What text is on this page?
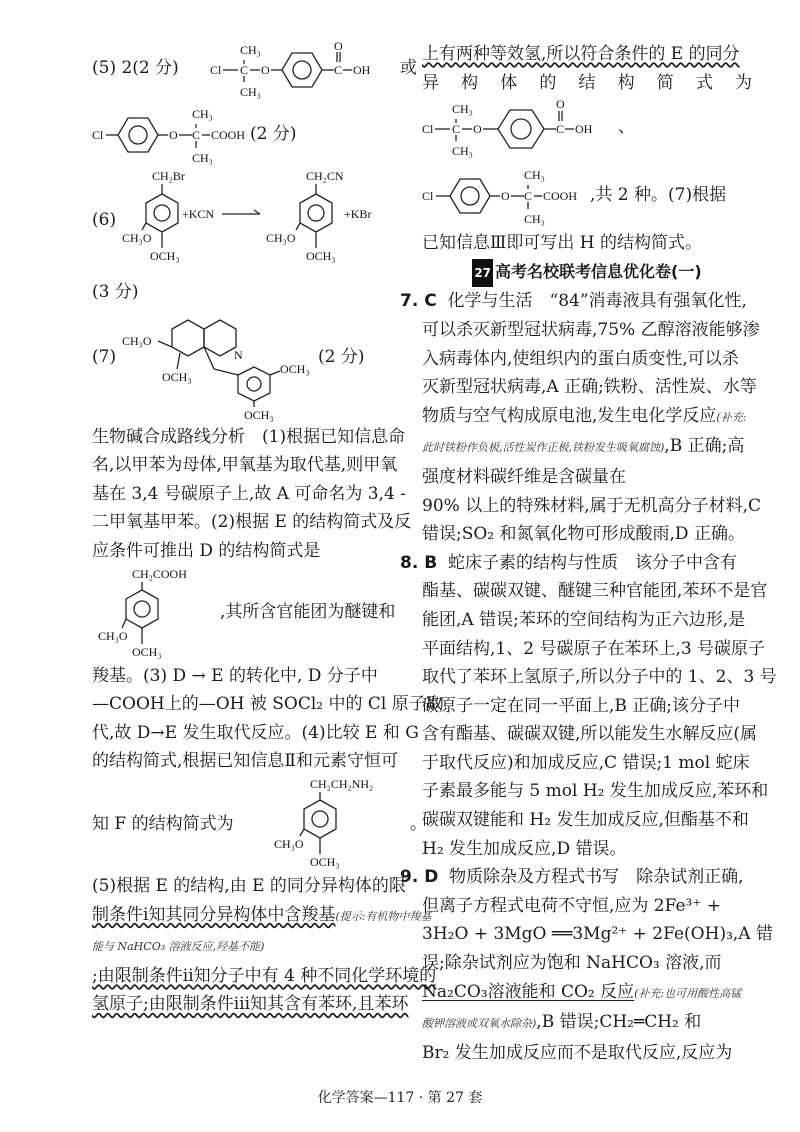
(5) 2(2 分)	Cl C
CH₃
CH₃
O	C
O
OH 或
Cl	O C
CH₃
CH₃
COOH (2 分)
(6)
CH₂Br
CH₃O
OCH₃
+KCN
CH₂CN
CH₃O
OCH₃
+KBr
(3 分)
(7)	N
CH₃O
OCH₃
OCH₃
OCH₃
(2 分)
生物碱合成路线分析　(1)根据已知信息命
名,以甲苯为母体,甲氧基为取代基,则甲氧
基在 3,4 号碳原子上,故 A 可命名为 3,4 -
二甲氧基甲苯。(2)根据 E 的结构简式及反
应条件可推出 D 的结构简式是
CH₂COOH
CH₃O
OCH₃
,其所含官能团为醚键和
羧基。(3) D → E 的转化中, D 分子中
—COOH上的—OH 被 SOCl₂ 中的 Cl 原子取
代,故 D→E 发生取代反应。(4)比较 E 和 G
的结构简式,根据已知信息Ⅱ和元素守恒可
知 F 的结构简式为
CH₂CH₂NH₂
CH₃O
OCH₃
。
(5)根据 E 的结构,由 E 的同分异构体的限
制条件ⅰ知其同分异构体中含羧基(提示:有机物中羧基能与 NaHCO₃ 溶液反应,羟基不能)
;由限制条件ⅱ知分子中有 4 种不同化学环境的
氢原子;由限制条件ⅲ知其含有苯环,且苯环
上有两种等效氢,所以符合条件的 E 的同分
异构体的结构简式为
Cl C
CH₃
CH₃
O	C
O
OH 、
Cl	O C
CH₃
CH₃
COOH ,共 2 种。(7)根据
已知信息Ⅲ即可写出 H 的结构简式。
27 高考名校联考信息优化卷(一)
7. C 化学与生活　“84”消毒液具有强氧化性,
可以杀灭新型冠状病毒,75% 乙醇溶液能够渗
入病毒体内,使组织内的蛋白质变性,可以杀
灭新型冠状病毒,A 正确;铁粉、活性炭、水等
物质与空气构成原电池,发生电化学反应(补充:此时铁粉作负极,活性炭作正极,铁粉发生吸氧腐蚀),B 正确;高强度材料碳纤维是含碳量在
90% 以上的特殊材料,属于无机高分子材料,C
错误;SO₂ 和氮氧化物可形成酸雨,D 正确。
8. B 蛇床子素的结构与性质　该分子中含有
酯基、碳碳双键、醚键三种官能团,苯环不是官
能团,A 错误;苯环的空间结构为正六边形,是
平面结构,1、2 号碳原子在苯环上,3 号碳原子
取代了苯环上氢原子,所以分子中的 1、2、3 号
碳原子一定在同一平面上,B 正确;该分子中
含有酯基、碳碳双键,所以能发生水解反应(属
于取代反应)和加成反应,C 错误;1 mol 蛇床
子素最多能与 5 mol H₂ 发生加成反应,苯环和
碳碳双键能和 H₂ 发生加成反应,但酯基不和
H₂ 发生加成反应,D 错误。
9. D 物质除杂及方程式书写　除杂试剂正确,
但离子方程式电荷不守恒,应为 2Fe³⁺ +
3H₂O + 3MgO ══3Mg²⁺ + 2Fe(OH)₃,A 错
误;除杂试剂应为饱和 NaHCO₃ 溶液,而
Na₂CO₃溶液能和 CO₂ 反应(补充:也可用酸性高锰酸钾溶液或双氧水除杂),B 错误;CH₂═CH₂ 和
Br₂ 发生加成反应而不是取代反应,反应为
化学答案—117 · 第 27 套
